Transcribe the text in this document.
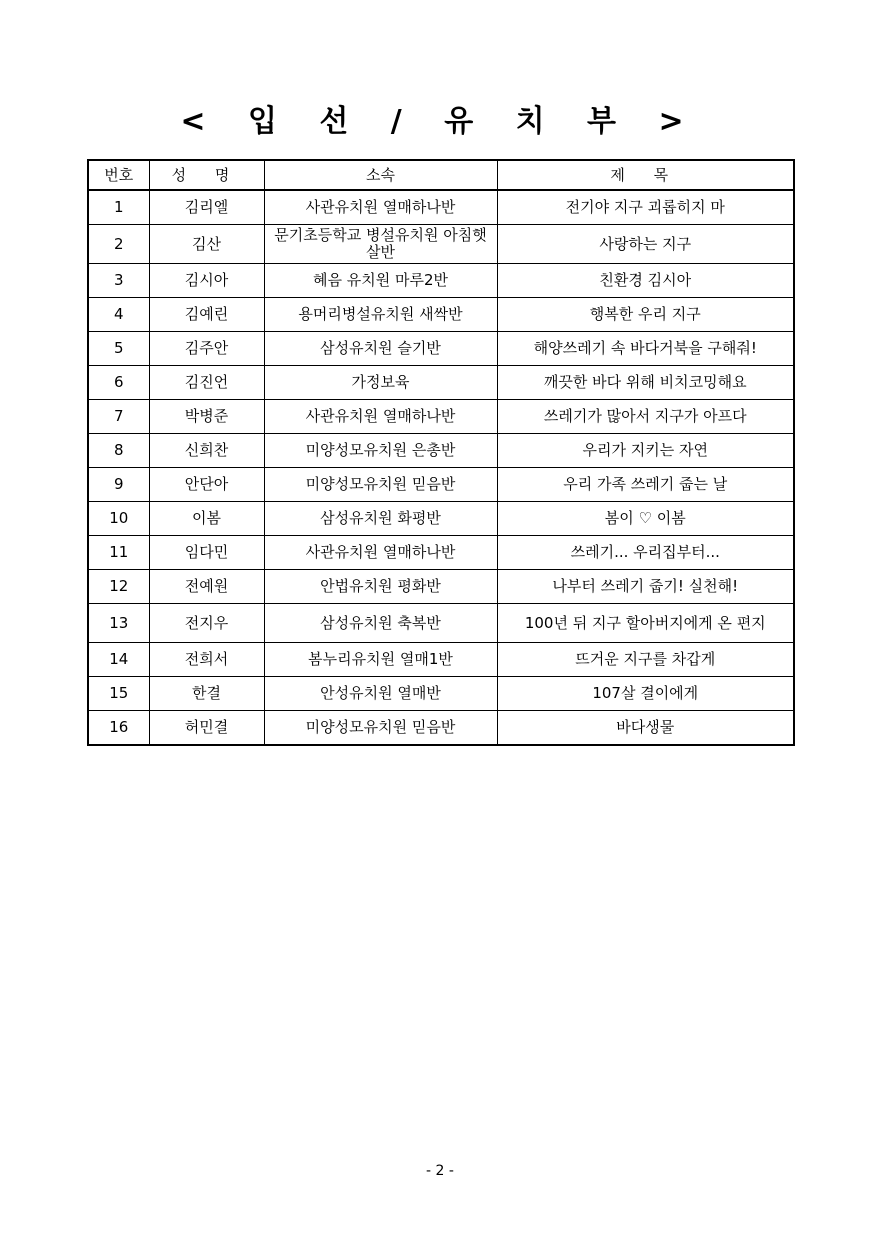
< 입 선 / 유 치 부 >
번호	성 명	소속	제 목
1	김리엘	사관유치원 열매하나반	전기야 지구 괴롭히지 마
2	김산	문기초등학교 병설유치원 아침햇살반	사랑하는 지구
3	김시아	혜음 유치원 마루2반	친환경 김시아
4	김예린	용머리병설유치원 새싹반	행복한 우리 지구
5	김주안	삼성유치원 슬기반	해양쓰레기 속 바다거북을 구해줘!
6	김진언	가정보육	깨끗한 바다 위해 비치코밍해요
7	박병준	사관유치원 열매하나반	쓰레기가 많아서 지구가 아프다
8	신희찬	미양성모유치원 은총반	우리가 지키는 자연
9	안단아	미양성모유치원 믿음반	우리 가족 쓰레기 줍는 날
10	이봄	삼성유치원 화평반	봄이 ♡ 이봄
11	임다민	사관유치원 열매하나반	쓰레기... 우리집부터...
12	전예원	안법유치원 평화반	나부터 쓰레기 줍기! 실천해!
13	전지우	삼성유치원 축복반	100년 뒤 지구 할아버지에게 온 편지
14	전희서	봄누리유치원 열매1반	뜨거운 지구를 차갑게
15	한결	안성유치원 열매반	107살 결이에게
16	허민결	미양성모유치원 믿음반	바다생물
- 2 -
